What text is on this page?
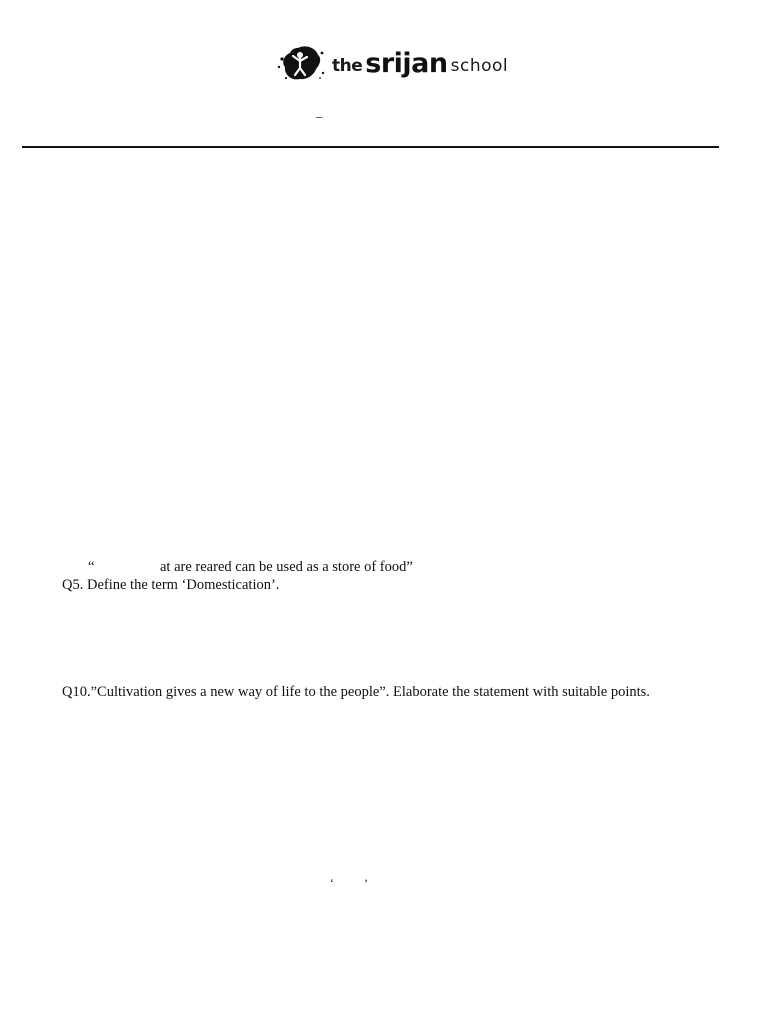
the srijan school
_
“	at are reared can be used as a store of food”
Q5. Define the term ‘Domestication’.
Q10.”Cultivation gives a new way of life to the people”. Elaborate the statement with suitable points.
‘	’
